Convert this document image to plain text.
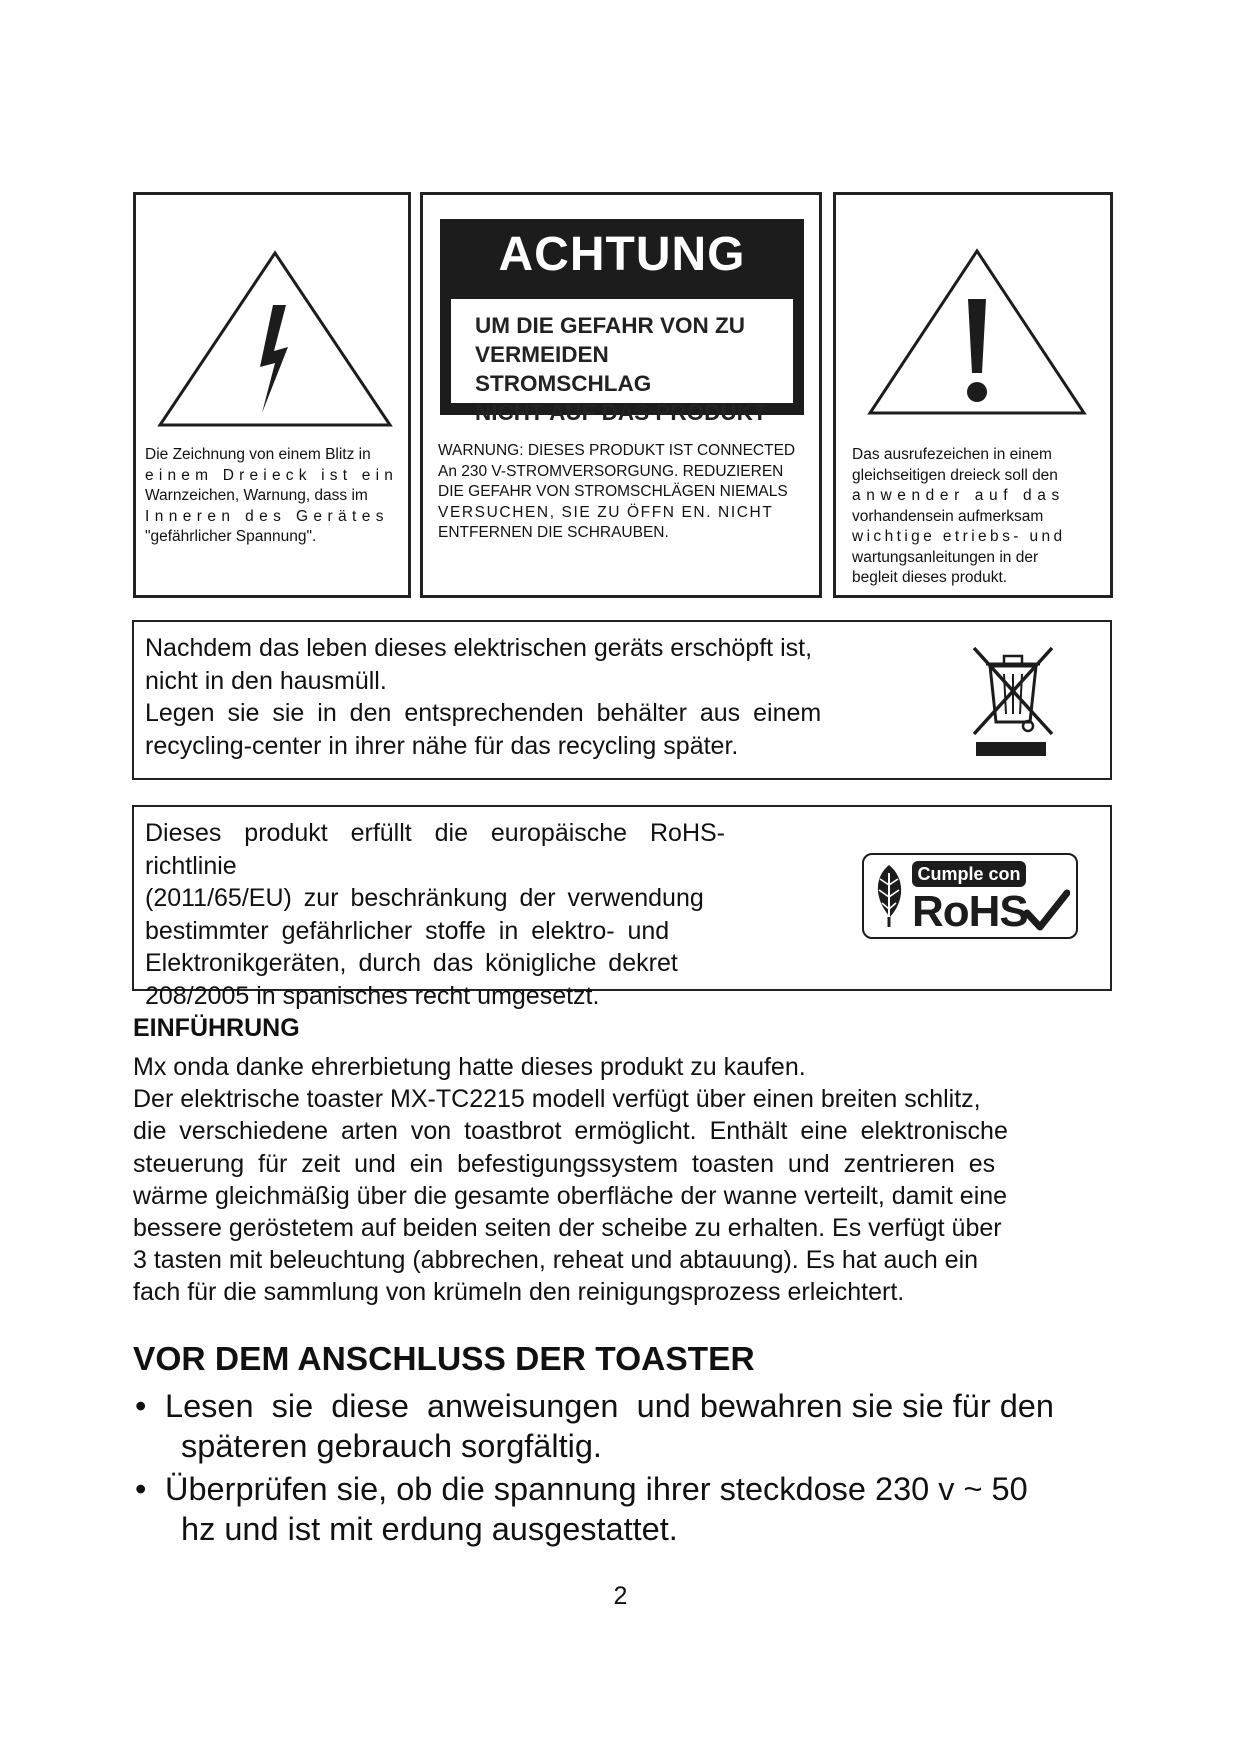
Die Zeichnung von einem Blitz in
einem Dreieck ist ein
Warnzeichen, Warnung, dass im
Inneren des Gerätes
"gefährlicher Spannung".
ACHTUNG
UM DIE GEFAHR VON ZU
VERMEIDEN STROMSCHLAG
NICHT AUF DAS PRODUKT
WARNUNG: DIESES PRODUKT IST CONNECTED
An 230 V-STROMVERSORGUNG. REDUZIEREN
DIE GEFAHR VON STROMSCHLÄGEN NIEMALS
VERSUCHEN, SIE ZU ÖFFN EN. NICHT
ENTFERNEN DIE SCHRAUBEN.
Das ausrufezeichen in einem
gleichseitigen dreieck soll den
anwender auf das
vorhandensein aufmerksam
wichtige etriebs- und
wartungsanleitungen in der
begleit dieses produkt.
Nachdem das leben dieses elektrischen geräts erschöpft ist,
nicht in den hausmüll.
Legen sie sie in den entsprechenden behälter aus einem
recycling-center in ihrer nähe für das recycling später.
Dieses produkt erfüllt die europäische RoHS-richtlinie
(2011/65/EU) zur beschränkung der verwendung
bestimmter gefährlicher stoffe in elektro- und
Elektronikgeräten, durch das königliche dekret
208/2005 in spanisches recht umgesetzt.
Cumple con
RoHS
EINFÜHRUNG
Mx onda danke ehrerbietung hatte dieses produkt zu kaufen.
Der elektrische toaster MX-TC2215 modell verfügt über einen breiten schlitz,
die verschiedene arten von toastbrot ermöglicht. Enthält eine elektronische
steuerung für zeit und ein befestigungssystem toasten und zentrieren es
wärme gleichmäßig über die gesamte oberfläche der wanne verteilt, damit eine
bessere geröstetem auf beiden seiten der scheibe zu erhalten. Es verfügt über
3 tasten mit beleuchtung (abbrechen, reheat und abtauung). Es hat auch ein
fach für die sammlung von krümeln den reinigungsprozess erleichtert.
VOR DEM ANSCHLUSS DER TOASTER
• Lesen  sie  diese  anweisungen  und bewahren sie sie für den
späteren gebrauch sorgfältig.
• Überprüfen sie, ob die spannung ihrer steckdose 230 v ~ 50
hz und ist mit erdung ausgestattet.
2
